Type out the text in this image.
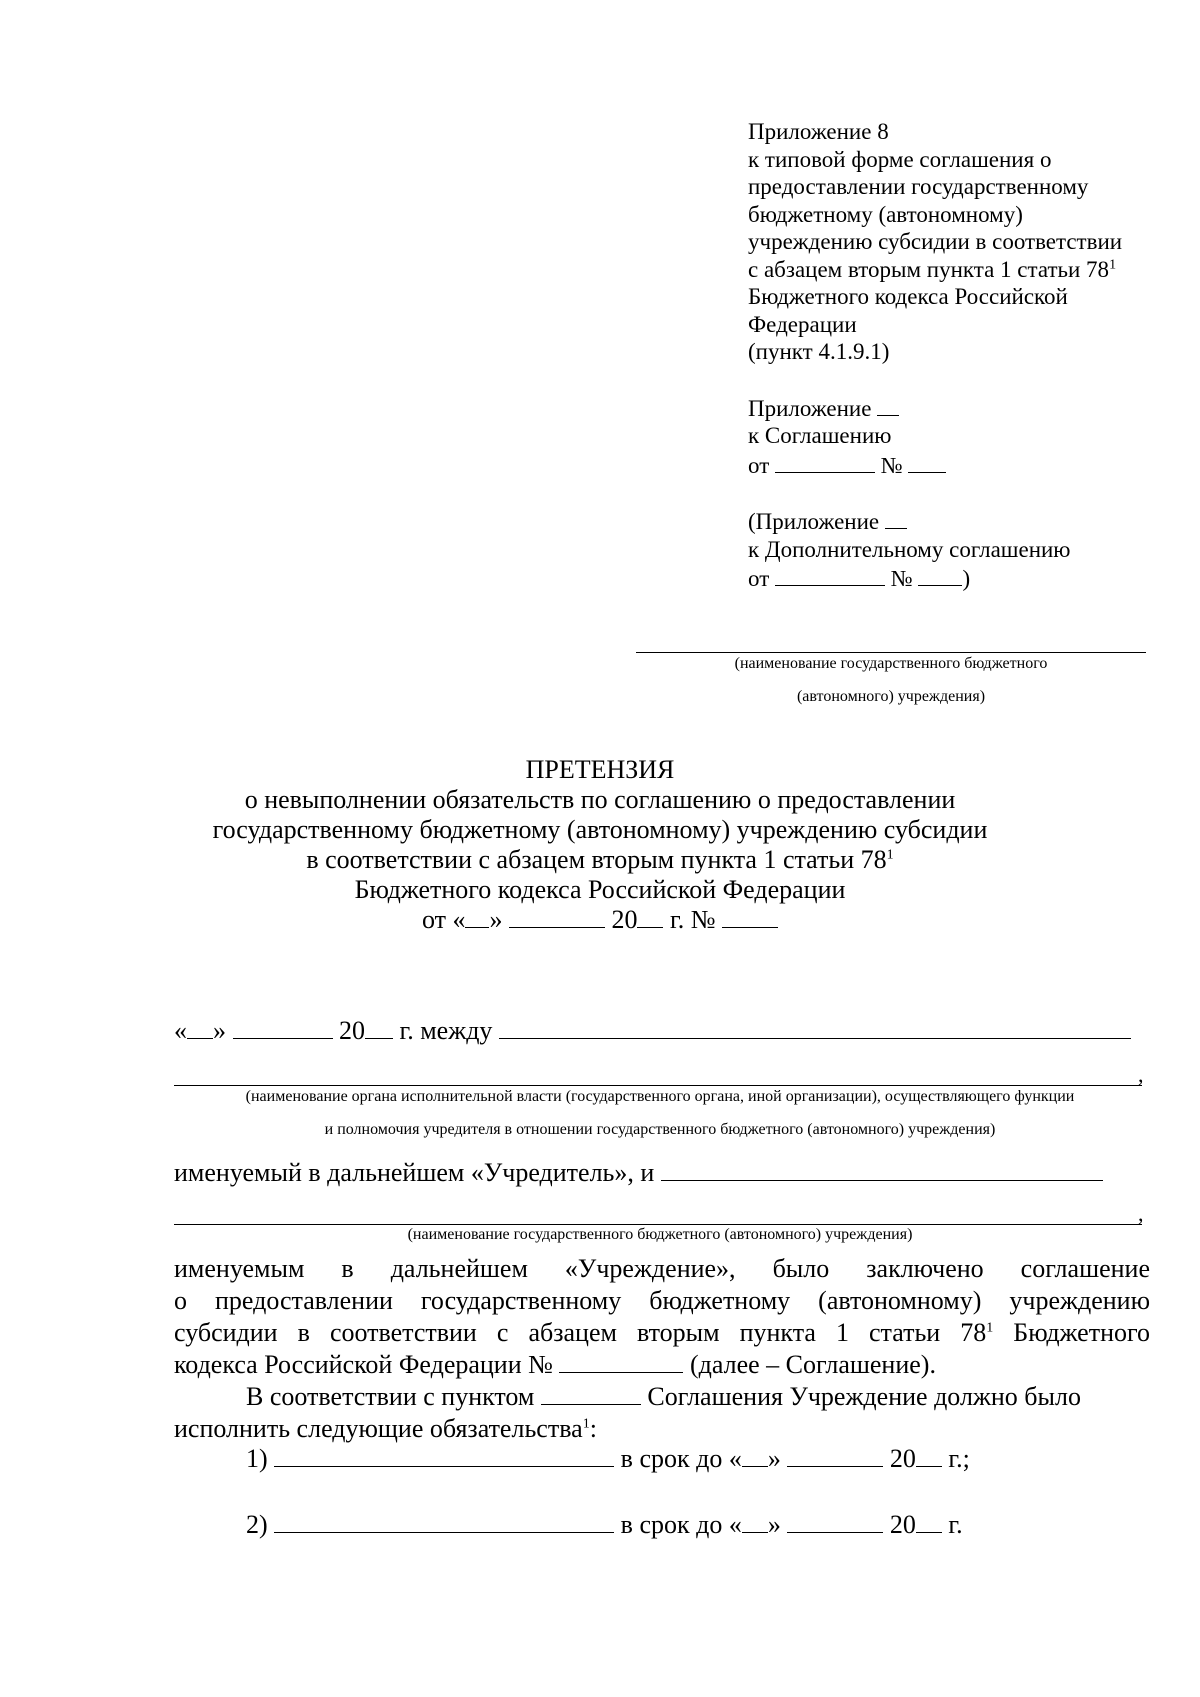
Приложение 8
к типовой форме соглашения о
предоставлении государственному
бюджетному (автономному)
учреждению субсидии в соответствии
с абзацем вторым пункта 1 статьи $78^1$
Бюджетного кодекса Российской
Федерации
(пункт 4.1.9.1)
Приложение
к Соглашению
от	№
(Приложение
к Дополнительному соглашению
от	№ )
(наименование государственного бюджетного
(автономного) учреждения)
ПРЕТЕНЗИЯ
о невыполнении обязательств по соглашению о предоставлении
государственному бюджетному (автономному) учреждению субсидии
в соответствии с абзацем вторым пункта 1 статьи $78^1$
Бюджетного кодекса Российской Федерации
от « »	20 г. №
« »	20 г. между
,
(наименование органа исполнительной власти (государственного органа, иной организации), осуществляющего функции
и полномочия учредителя в отношении государственного бюджетного (автономного) учреждения)
именуемый в дальнейшем «Учредитель», и
,
(наименование государственного бюджетного (автономного) учреждения)
именуемым в дальнейшем «Учреждение», было заключено соглашение
о предоставлении государственному бюджетному (автономному) учреждению
субсидии в соответствии с абзацем вторым пункта 1 статьи $78^1$ Бюджетного
кодекса Российской Федерации №	(далее – Соглашение).
В соответствии с пунктом	Соглашения Учреждение должно было
исполнить следующие обязательства$^1$:
1)	в срок до « »	20 г.;
2)	в срок до « »	20 г.
